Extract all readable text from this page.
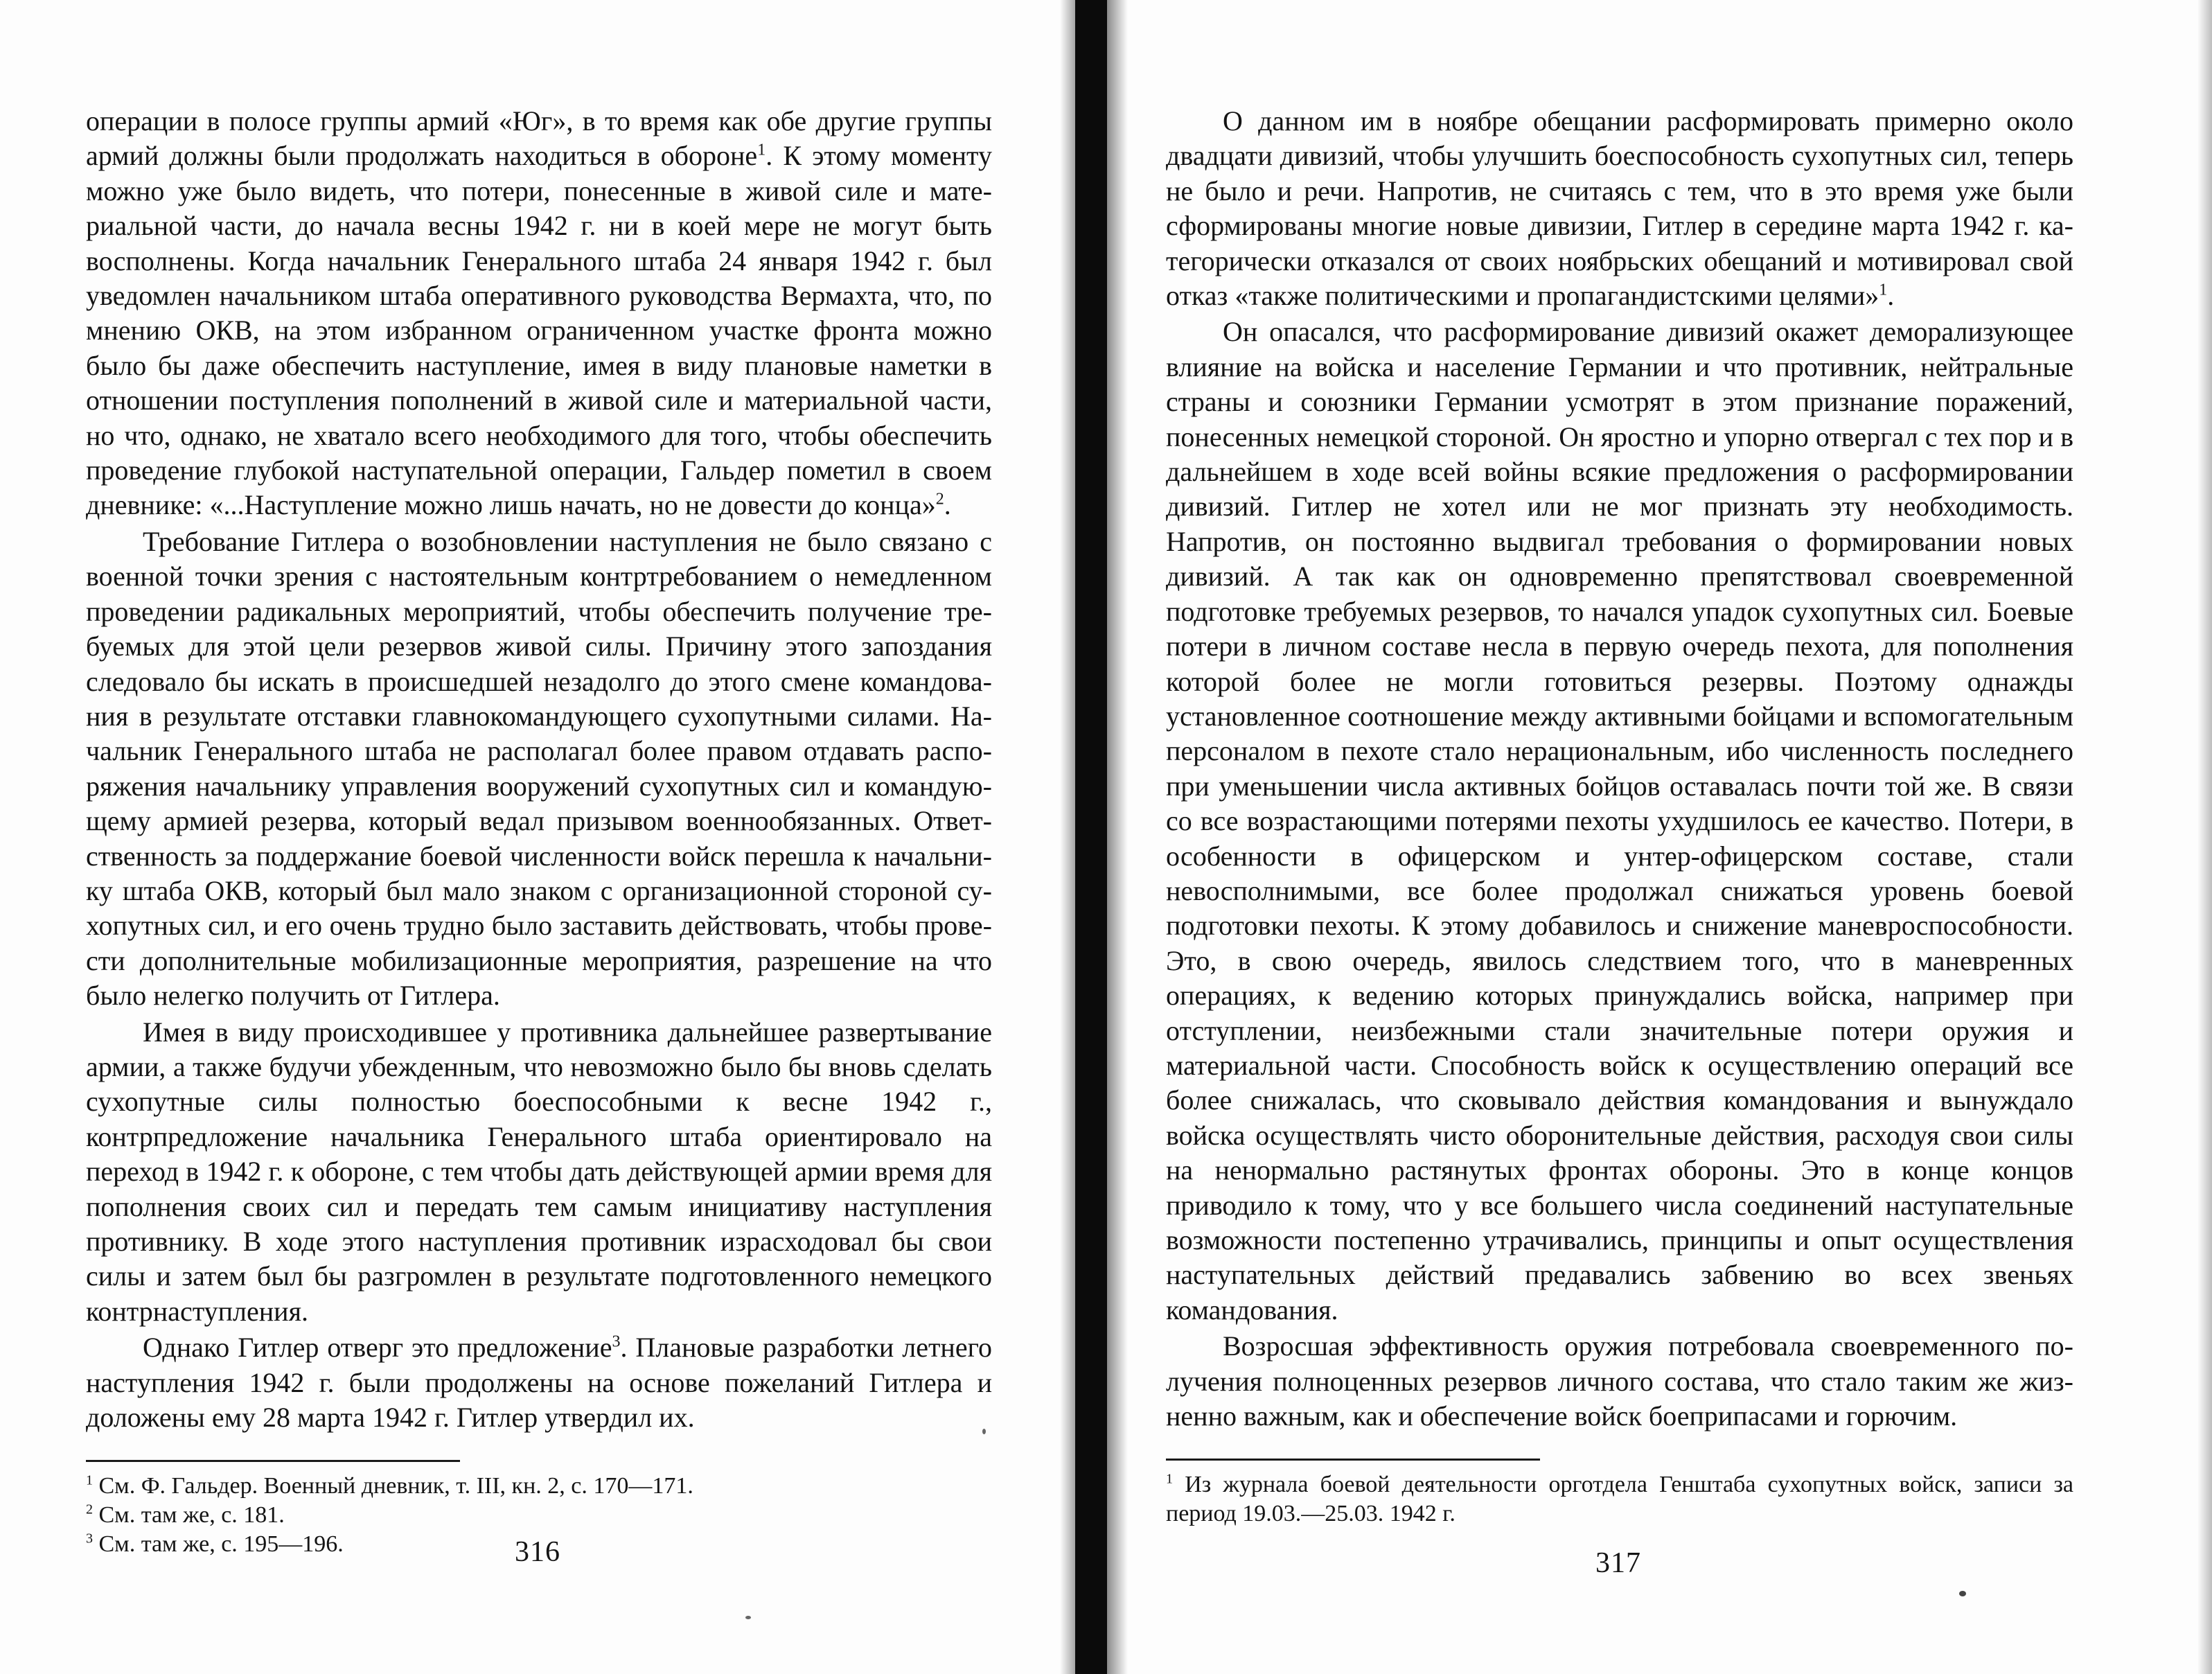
операции в полосе группы армий «Юг», в то время как обе другие группы армий должны были продолжать находиться в обороне$^1$. К этому моменту можно уже было видеть, что потери, понесенные в живой силе и материальной части, до начала весны 1942 г. ни в коей мере не могут быть восполнены. Когда начальник Генерального штаба 24 января 1942 г. был уведомлен начальником штаба оперативного руководства Вермахта, что, по мнению ОКВ, на этом избранном ограниченном участке фронта можно было бы даже обеспечить наступление, имея в виду плановые наметки в отношении поступления пополнений в живой силе и материальной части, но что, однако, не хватало всего необходимого для того, чтобы обеспечить проведение глубокой наступательной операции, Гальдер пометил в своем дневнике: «...Наступление можно лишь начать, но не довести до конца»$^2$.

Требование Гитлера о возобновлении наступления не было связано с военной точки зрения с настоятельным контртребованием о немедленном проведении радикальных мероприятий, чтобы обеспечить получение требуемых для этой цели резервов живой силы. Причину этого запоздания следовало бы искать в происшедшей незадолго до этого смене командования в результате отставки главнокомандующего сухопутными силами. Начальник Генерального штаба не располагал более правом отдавать распоряжения начальнику управления вооружений сухопутных сил и командующему армией резерва, который ведал призывом военнообязанных. Ответственность за поддержание боевой численности войск перешла к начальнику штаба ОКВ, который был мало знаком с организационной стороной сухопутных сил, и его очень трудно было заставить действовать, чтобы провести дополнительные мобилизационные мероприятия, разрешение на что было нелегко получить от Гитлера.

Имея в виду происходившее у противника дальнейшее развертывание армии, а также будучи убежденным, что невозможно было бы вновь сделать сухопутные силы полностью боеспособными к весне 1942 г., контрпредложение начальника Генерального штаба ориентировало на переход в 1942 г. к обороне, с тем чтобы дать действующей армии время для пополнения своих сил и передать тем самым инициативу наступления противнику. В ходе этого наступления противник израсходовал бы свои силы и затем был бы разгромлен в результате подготовленного немецкого контрнаступления.

Однако Гитлер отверг это предложение$^3$. Плановые разработки летнего наступления 1942 г. были продолжены на основе пожеланий Гитлера и доложены ему 28 марта 1942 г. Гитлер утвердил их.

$^1$ См. Ф. Гальдер. Военный дневник, т. III, кн. 2, с. 170—171.

$^2$ См. там же, с. 181.

$^3$ См. там же, с. 195—196.	316

О данном им в ноябре обещании расформировать примерно около двадцати дивизий, чтобы улучшить боеспособность сухопутных сил, теперь не было и речи. Напротив, не считаясь с тем, что в это время уже были сформированы многие новые дивизии, Гитлер в середине марта 1942 г. категорически отказался от своих ноябрьских обещаний и мотивировал свой отказ «также политическими и пропагандистскими целями»$^1$.

Он опасался, что расформирование дивизий окажет деморализующее влияние на войска и население Германии и что противник, нейтральные страны и союзники Германии усмотрят в этом признание поражений, понесенных немецкой стороной. Он яростно и упорно отвергал с тех пор и в дальнейшем в ходе всей войны всякие предложения о расформировании дивизий. Гитлер не хотел или не мог признать эту необходимость. Напротив, он постоянно выдвигал требования о формировании новых дивизий. А так как он одновременно препятствовал своевременной подготовке требуемых резервов, то начался упадок сухопутных сил. Боевые потери в личном составе несла в первую очередь пехота, для пополнения которой более не могли готовиться резервы. Поэтому однажды установленное соотношение между активными бойцами и вспомогательным персоналом в пехоте стало нерациональным, ибо численность последнего при уменьшении числа активных бойцов оставалась почти той же. В связи со все возрастающими потерями пехоты ухудшилось ее качество. Потери, в особенности в офицерском и унтер-офицерском составе, стали невосполнимыми, все более продолжал снижаться уровень боевой подготовки пехоты. К этому добавилось и снижение маневроспособности. Это, в свою очередь, явилось следствием того, что в маневренных операциях, к ведению которых принуждались войска, например при отступлении, неизбежными стали значительные потери оружия и материальной части. Способность войск к осуществлению операций все более снижалась, что сковывало действия командования и вынуждало войска осуществлять чисто оборонительные действия, расходуя свои силы на ненормально растянутых фронтах обороны. Это в конце концов приводило к тому, что у все большего числа соединений наступательные возможности постепенно утрачивались, принципы и опыт осуществления наступательных действий предавались забвению во всех звеньях командования.

Возросшая эффективность оружия потребовала своевременного получения полноценных резервов личного состава, что стало таким же жизненно важным, как и обеспечение войск боеприпасами и горючим.

$^1$ Из журнала боевой деятельности орготдела Генштаба сухопутных войск, записи за период 19.03.—25.03. 1942 г.

317
